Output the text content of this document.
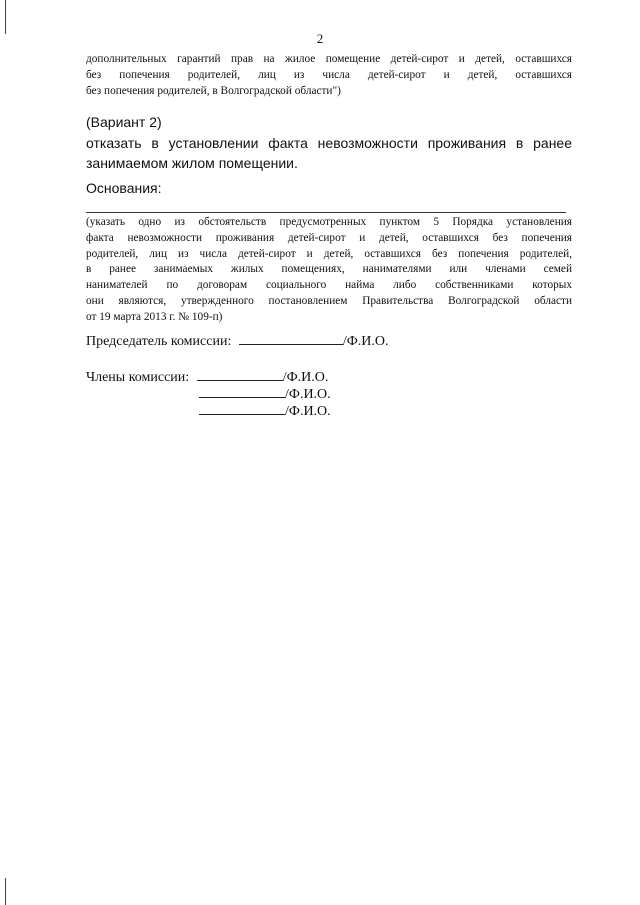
2
дополнительных гарантий прав на жилое помещение детей-сирот и детей, оставшихся
без попечения родителей, лиц из числа детей-сирот и детей, оставшихся
без попечения родителей, в Волгоградской области")
(Вариант 2)
отказать в установлении факта невозможности проживания в ранее
занимаемом жилом помещении.
Основания:
(указать одно из обстоятельств предусмотренных пунктом 5 Порядка установления
факта невозможности проживания детей-сирот и детей, оставшихся без попечения
родителей, лиц из числа детей-сирот и детей, оставшихся без попечения родителей,
в ранее занимаемых жилых помещениях, нанимателями или членами семей
нанимателей по договорам социального найма либо собственниками которых
они являются, утвержденного постановлением Правительства Волгоградской области
от 19 марта 2013 г. № 109-п)
Председатель комиссии:	/Ф.И.О.
Члены комиссии:	/Ф.И.О.
/Ф.И.О.
/Ф.И.О.
